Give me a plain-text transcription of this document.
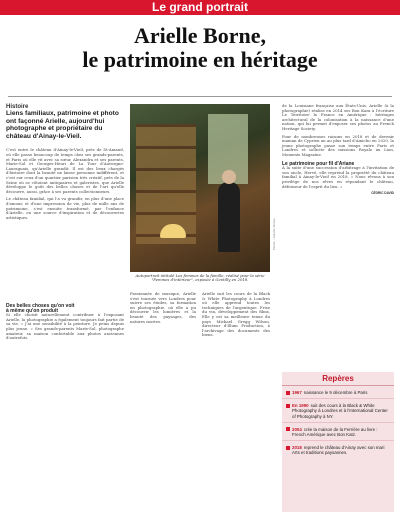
Le grand portrait
Arielle Borne,
le patrimoine en héritage
Histoire
Liens familiaux, patrimoine et photo ont façonné Arielle, aujourd'hui photographe et propriétaire du château d'Ainay-le-Vieil.
C'est entre le château d'Ainay-le-Vieil, près de St-Amand, où elle passe beaucoup de temps chez ses grands-parents, et Paris où elle vit avec sa sœur, Alexandra et ses parents, Marie-Sol et Georges-Henri de La Tour d'Auvergne-Lauraguais, qu'Arielle grandit. Il est des lieux chargés d'histoire dont la beauté ne laisse personne indifférent, et c'est sur ceux d'un quartier parisien très créatif, près de la Seine où se côtoient antiquaires et galeristes, que Arielle développe le goût des belles choses et de l'art qu'elle découvre, aussi, grâce à ses parents collectionneurs.
Le château familial, qui l'a vu grandir, en plus d'une place d'amour, et d'une impression de vie, plus de mille ans de patrimoine, s'est ensuite transformé, par l'enfance d'Arielle, en une source d'inspiration et de découvertes artistiques.
Photo : Arielle Borne
Autoportrait intitulé Les femmes de la famille, réalisé pour la série "Femmes d'intérieur", exposée à Gentilly en 2018.
Des belles choses qu'on voit
à même qu'on produit
Si elle choisit naturellement contribuer à l'exposant Arielle, la photographie a également toujours fait partie de sa vie. « J'ai une sensibilité à la peinture. Je peins depuis plus jeune. » Ses grands-parents Marie-Sol, photographe amateur, sa maison confortable aux photos anciennes d'autrefois.
Passionnée de musique, Arielle s'est tournée vers Londres pour suivre ses études, sa formation en photographie, où elle a pu découvrir les lumières et la beauté des paysages, des natures mortes.
Arielle suit les cours de la Black & White Photography à Londres où elle apprend toutes les techniques de l'argentique. Frise du vin, développement des films. Elle y est sa meilleure tenue du pays Michael Gregg Wilson, directeur d'Illum Production, à l'archivage des documents des biens.
de la Louisiane française aux États-Unis. Arielle (à la photographie) réalise en 2014 ses Bon Kara à l'écriture Le Territoire la France en Amérique : héritages architectural de la colonisation à la naissance d'une nation, qui lui permet d'exposer ses photos au French Heritage Society.
Pour de nombreuses raisons en 2018 et de devenir maman de Cyprien au au plus tard d'Ainicho en 2020, la jeune photographe passe son temps entre Paris et Londres et sollicite des missions Royale au Lion, Moments Magazine.
Le patrimoine pour fil d'Ariane
À la suite d'une succession d'arbitrage à l'invitation de son oncle, Hervé, elle reprend la propriété du château familial à Ainay-le-Vieil en 2018. « Nous rêvons à son privilège de nos rêves en répondant le château, défenseur de l'esprit du lieu. »
CÉDRIC DAVID
Repères
1967 naissance le 9 décembre à Paris
En 1990 suit des cours à la Black & White Photography à Londres et à l'International Center of Photography à NY.
2004 crée la maison de la Ferrière au livre : French Amérique avec Bon Katz.
2018 reprend le château d'Ainay avec son mari Arts et traditions paysannes.
